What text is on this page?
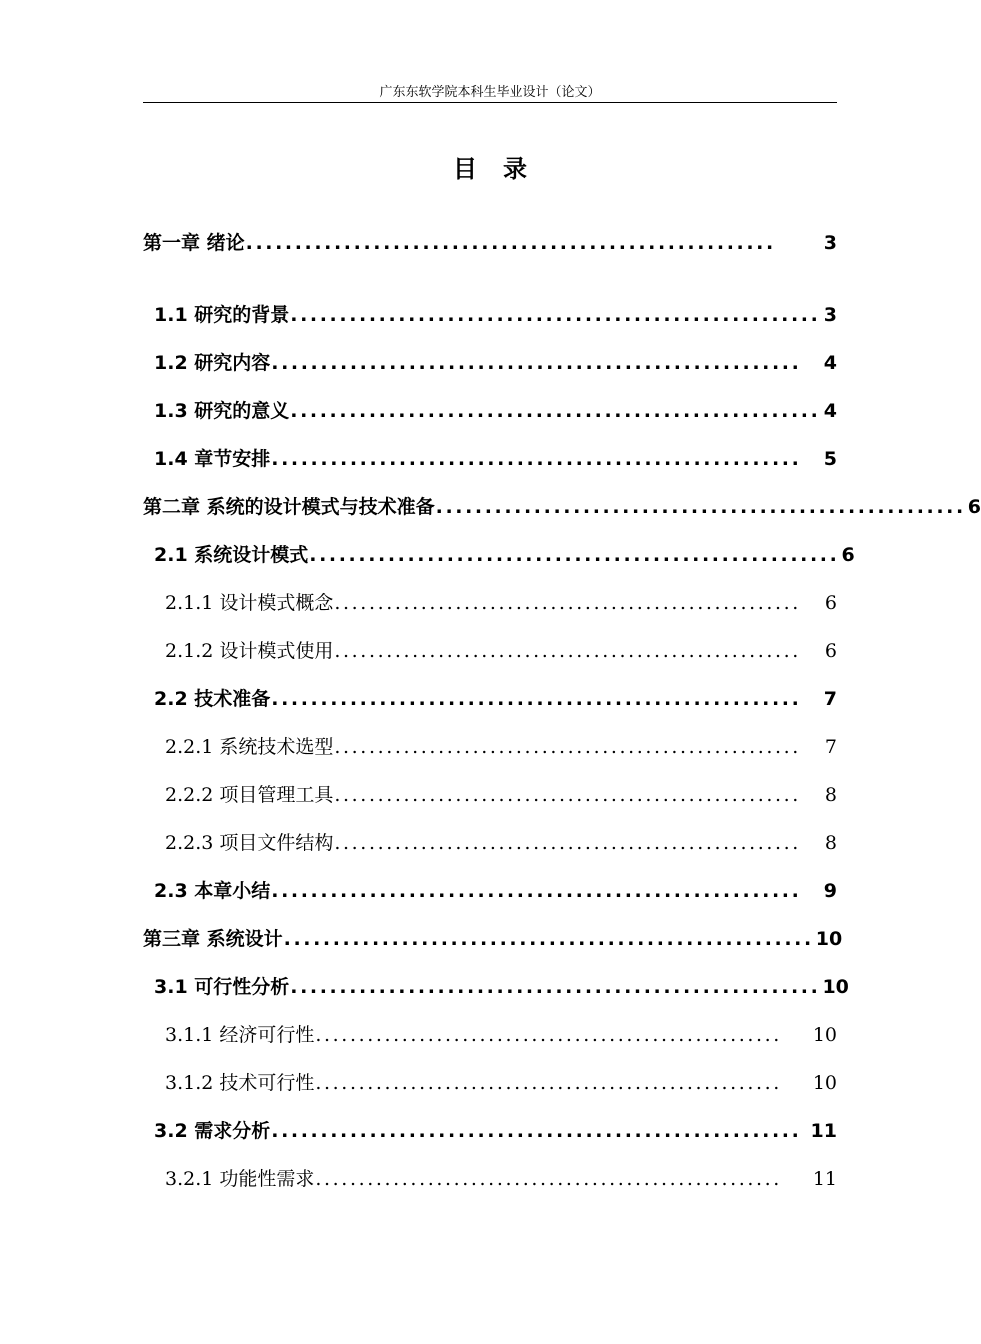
广东东软学院本科生毕业设计（论文）
目录
第一章 绪论 ......................................................	3
1.1 研究的背景 ...................................................... 3
1.2 研究内容 ......................................................	4
1.3 研究的意义 ...................................................... 4
1.4 章节安排 ......................................................	5
第二章 系统的设计模式与技术准备 ...................................................... 6
2.1 系统设计模式 ...................................................... 6
2.1.1 设计模式概念 ......................................................	6
2.1.2 设计模式使用 ......................................................	6
2.2 技术准备 ......................................................	7
2.2.1 系统技术选型 ......................................................	7
2.2.2 项目管理工具 ......................................................	8
2.2.3 项目文件结构 ......................................................	8
2.3 本章小结 ......................................................	9
第三章 系统设计 ...................................................... 10
3.1 可行性分析 ...................................................... 10
3.1.1 经济可行性 ......................................................	10
3.1.2 技术可行性 ......................................................	10
3.2 需求分析 ...................................................... 11
3.2.1 功能性需求 ......................................................	11
